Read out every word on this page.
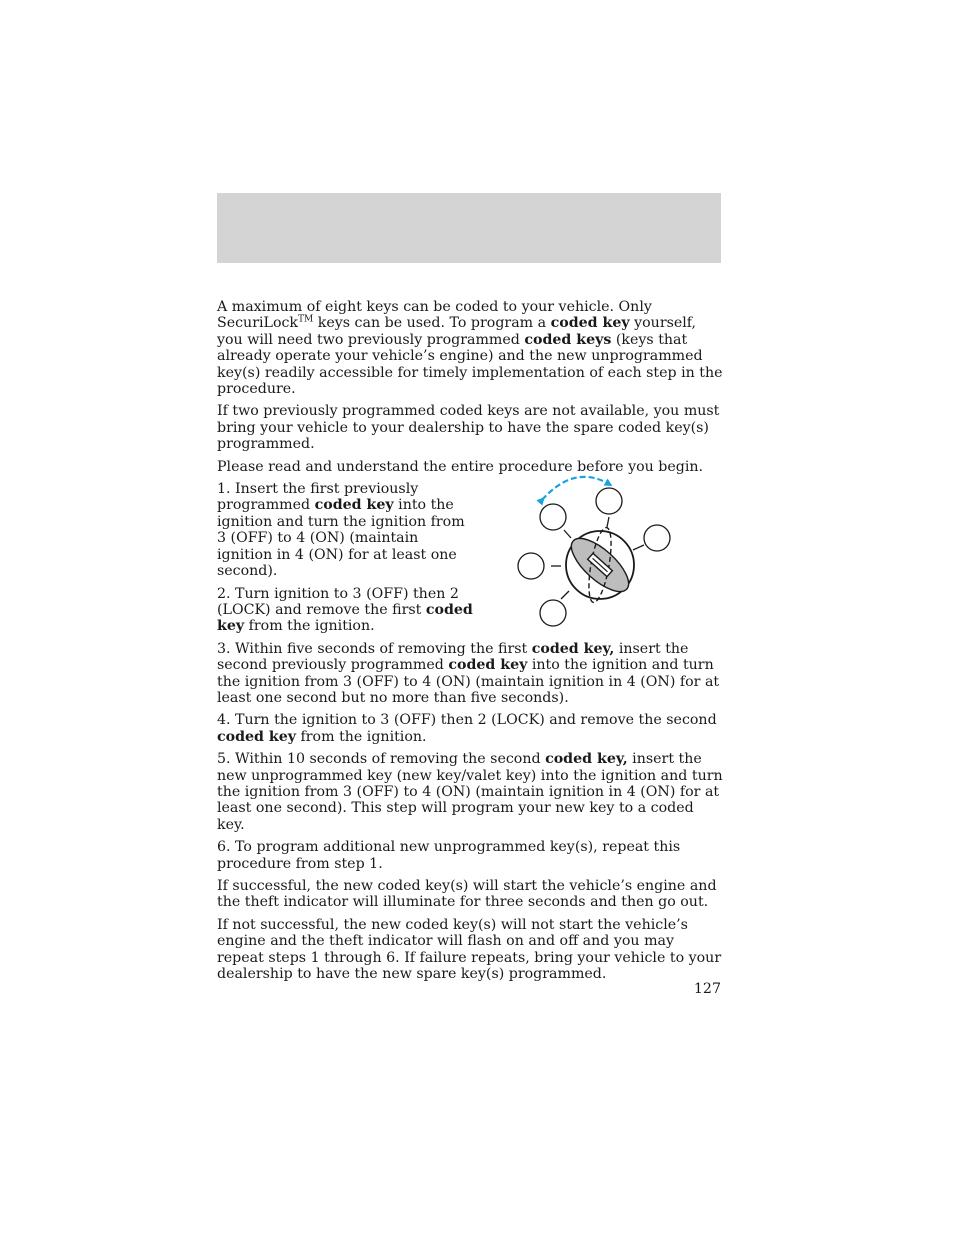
A maximum of eight keys can be coded to your vehicle. Only SecuriLock™ keys can be used. To program a coded key yourself, you will need two previously programmed coded keys (keys that already operate your vehicle’s engine) and the new unprogrammed key(s) readily accessible for timely implementation of each step in the procedure.

If two previously programmed coded keys are not available, you must bring your vehicle to your dealership to have the spare coded key(s) programmed.

Please read and understand the entire procedure before you begin.

1. Insert the first previously programmed coded key into the ignition and turn the ignition from 3 (OFF) to 4 (ON) (maintain ignition in 4 (ON) for at least one second).

2. Turn ignition to 3 (OFF) then 2 (LOCK) and remove the first coded key from the ignition.

3. Within five seconds of removing the first coded key, insert the second previously programmed coded key into the ignition and turn the ignition from 3 (OFF) to 4 (ON) (maintain ignition in 4 (ON) for at least one second but no more than five seconds).

4. Turn the ignition to 3 (OFF) then 2 (LOCK) and remove the second coded key from the ignition.

5. Within 10 seconds of removing the second coded key, insert the new unprogrammed key (new key/valet key) into the ignition and turn the ignition from 3 (OFF) to 4 (ON) (maintain ignition in 4 (ON) for at least one second). This step will program your new key to a coded key.

6. To program additional new unprogrammed key(s), repeat this procedure from step 1.

If successful, the new coded key(s) will start the vehicle’s engine and the theft indicator will illuminate for three seconds and then go out.

If not successful, the new coded key(s) will not start the vehicle’s engine and the theft indicator will flash on and off and you may repeat steps 1 through 6. If failure repeats, bring your vehicle to your dealership to have the new spare key(s) programmed.

127
